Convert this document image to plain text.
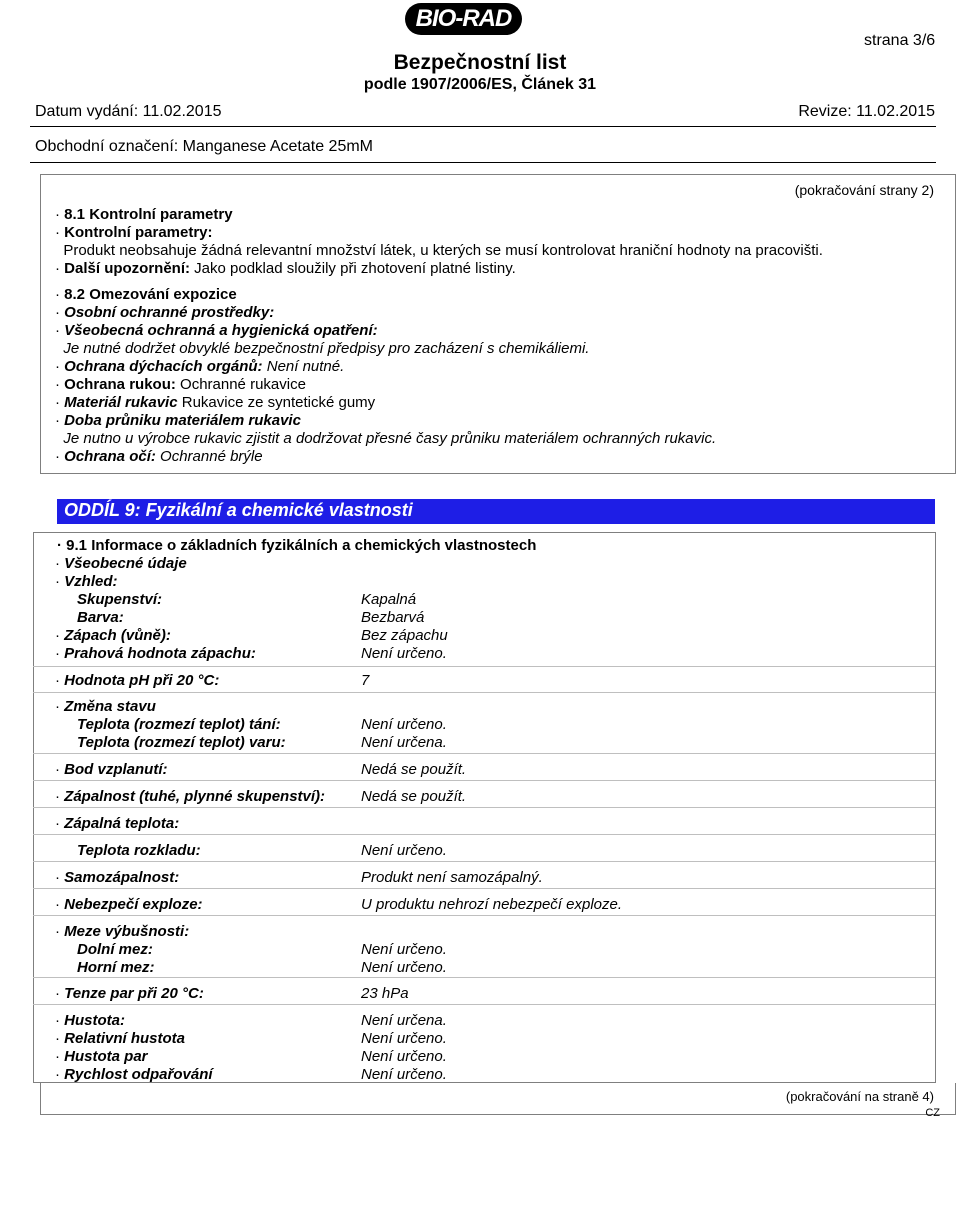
BIO-RAD
strana 3/6
Bezpečnostní list
podle 1907/2006/ES, Článek 31
Datum vydání: 11.02.2015	Revize: 11.02.2015
Obchodní označení: Manganese Acetate 25mM
(pokračování strany 2)
· 8.1 Kontrolní parametry
· Kontrolní parametry:
Produkt neobsahuje žádná relevantní množství látek, u kterých se musí kontrolovat hraniční hodnoty na pracovišti.
· Další upozornění: Jako podklad sloužily při zhotovení platné listiny.
· 8.2 Omezování expozice
· Osobní ochranné prostředky:
· Všeobecná ochranná a hygienická opatření:
Je nutné dodržet obvyklé bezpečnostní předpisy pro zacházení s chemikáliemi.
· Ochrana dýchacích orgánů: Není nutné.
· Ochrana rukou: Ochranné rukavice
· Materiál rukavic Rukavice ze syntetické gumy
· Doba průniku materiálem rukavic
Je nutno u výrobce rukavic zjistit a dodržovat přesné časy průniku materiálem ochranných rukavic.
· Ochrana očí: Ochranné brýle
ODDÍL 9: Fyzikální a chemické vlastnosti
· 9.1 Informace o základních fyzikálních a chemických vlastnostech
· Všeobecné údaje
· Vzhled:
Skupenství:	Kapalná
Barva:	Bezbarvá
· Zápach (vůně):	Bez zápachu
· Prahová hodnota zápachu:	Není určeno.
· Hodnota pH při 20 °C:	7
· Změna stavu
Teplota (rozmezí teplot) tání:	Není určeno.
Teplota (rozmezí teplot) varu:	Není určena.
· Bod vzplanutí:	Nedá se použít.
· Zápalnost (tuhé, plynné skupenství): Nedá se použít.
· Zápalná teplota:
Teplota rozkladu:	Není určeno.
· Samozápalnost:	Produkt není samozápalný.
· Nebezpečí exploze:	U produktu nehrozí nebezpečí exploze.
· Meze výbušnosti:
Dolní mez:	Není určeno.
Horní mez:	Není určeno.
· Tenze par při 20 °C:	23 hPa
· Hustota:	Není určena.
· Relativní hustota	Není určeno.
· Hustota par	Není určeno.
· Rychlost odpařování	Není určeno.
(pokračování na straně 4)
CZ
